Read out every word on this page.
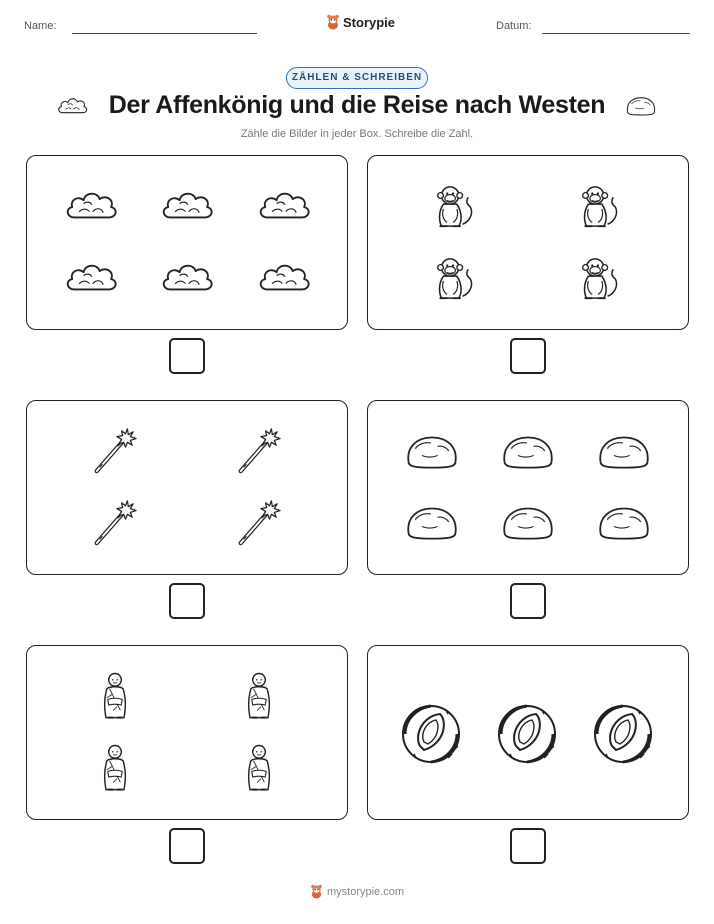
Name:	Storypie	Datum:
ZÄHLEN & SCHREIBEN
Der Affenkönig und die Reise nach Westen
Zähle die Bilder in jeder Box. Schreibe die Zahl.
mystorypie.com
